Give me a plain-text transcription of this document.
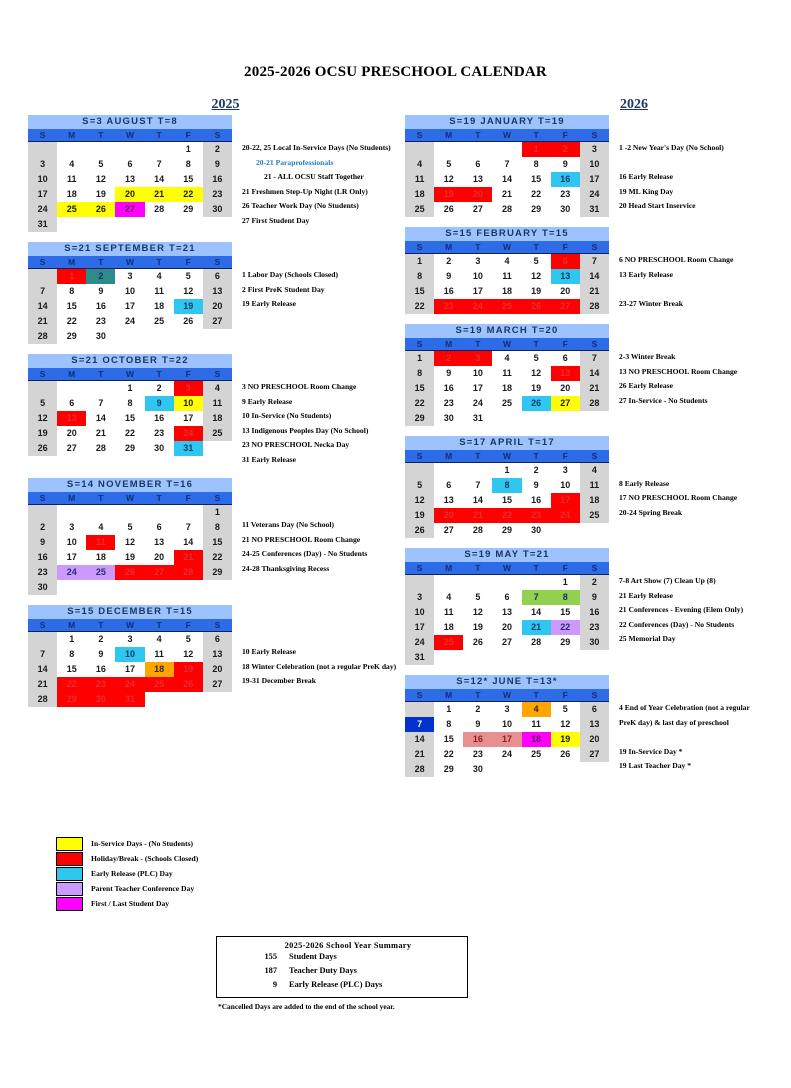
2025-2026 OCSU PRESCHOOL CALENDAR
2025	2026
S=3 AUGUST T=8						
S	M	T	W	T	F	S
					1	2
3	4	5	6	7	8	9
10	11	12	13	14	15	16
17	18	19	20	21	22	23
24	25	26	27	28	29	30
31						
20-22, 25 Local In-Service Days (No Students)
20-21 Paraprofessionals
21 - ALL OCSU Staff Together
21 Freshmen Step-Up Night (LR Only)
26 Teacher Work Day (No Students)
27 First Student Day
S=21 SEPTEMBER T=21						
S	M	T	W	T	F	S
	1	2	3	4	5	6
7	8	9	10	11	12	13
14	15	16	17	18	19	20
21	22	23	24	25	26	27
28	29	30				
1 Labor Day (Schools Closed)
2 First PreK Student Day
19 Early Release
S=21 OCTOBER T=22						
S	M	T	W	T	F	S
			1	2	3	4
5	6	7	8	9	10	11
12	13	14	15	16	17	18
19	20	21	22	23	24	25
26	27	28	29	30	31	
3 NO PRESCHOOL Room Change
9 Early Release
10 In-Service (No Students)
13 Indigenous Peoples Day (No School)
23 NO PRESCHOOL Necka Day
31 Early Release
S=14 NOVEMBER T=16						
S	M	T	W	T	F	S
						1
2	3	4	5	6	7	8
9	10	11	12	13	14	15
16	17	18	19	20	21	22
23	24	25	26	27	28	29
30						
11 Veterans Day (No School)
21 NO PRESCHOOL Room Change
24-25 Conferences (Day) - No Students
24-28 Thanksgiving Recess
S=15 DECEMBER T=15						
S	M	T	W	T	F	S
	1	2	3	4	5	6
7	8	9	10	11	12	13
14	15	16	17	18	19	20
21	22	23	24	25	26	27
28	29	30	31			
10 Early Release
18 Winter Celebration (not a regular PreK day)
19-31 December Break
S=19 JANUARY T=19						
S	M	T	W	T	F	S
				1	2	3
4	5	6	7	8	9	10
11	12	13	14	15	16	17
18	19	20	21	22	23	24
25	26	27	28	29	30	31
1 -2 New Year's Day (No School)
16 Early Release
19 ML King Day
20 Head Start Inservice
S=15 FEBRUARY T=15						
S	M	T	W	T	F	S
1	2	3	4	5	6	7
8	9	10	11	12	13	14
15	16	17	18	19	20	21
22	23	24	25	26	27	28
6 NO PRESCHOOL Room Change
13 Early Release
23-27 Winter Break
S=19 MARCH T=20						
S	M	T	W	T	F	S
1	2	3	4	5	6	7
8	9	10	11	12	13	14
15	16	17	18	19	20	21
22	23	24	25	26	27	28
29	30	31				
2-3 Winter Break
13 NO PRESCHOOL Room Change
26 Early Release
27 In-Service - No Students
S=17 APRIL T=17						
S	M	T	W	T	F	S
			1	2	3	4
5	6	7	8	9	10	11
12	13	14	15	16	17	18
19	20	21	22	23	24	25
26	27	28	29	30		
8 Early Release
17 NO PRESCHOOL Room Change
20-24 Spring Break
S=19 MAY T=21						
S	M	T	W	T	F	S
					1	2
3	4	5	6	7	8	9
10	11	12	13	14	15	16
17	18	19	20	21	22	23
24	25	26	27	28	29	30
31						
7-8 Art Show (7) Clean Up (8)
21 Early Release
21 Conferences - Evening (Elem Only)
22 Conferences (Day) - No Students
25 Memorial Day
S=12* JUNE T=13*						
S	M	T	W	T	F	S
	1	2	3	4	5	6
7	8	9	10	11	12	13
14	15	16	17	18	19	20
21	22	23	24	25	26	27
28	29	30				
4 End of Year Celebration (not a regular
PreK day) & last day of preschool
19 In-Service Day *
19 Last Teacher Day *
In-Service Days - (No Students)
Holiday/Break - (Schools Closed)
Early Release (PLC) Day
Parent Teacher Conference Day
First / Last Student Day
2025-2026 School Year Summary
155	Student Days
187	Teacher Duty Days
9	Early Release (PLC) Days
*Cancelled Days are added to the end of the school year.
